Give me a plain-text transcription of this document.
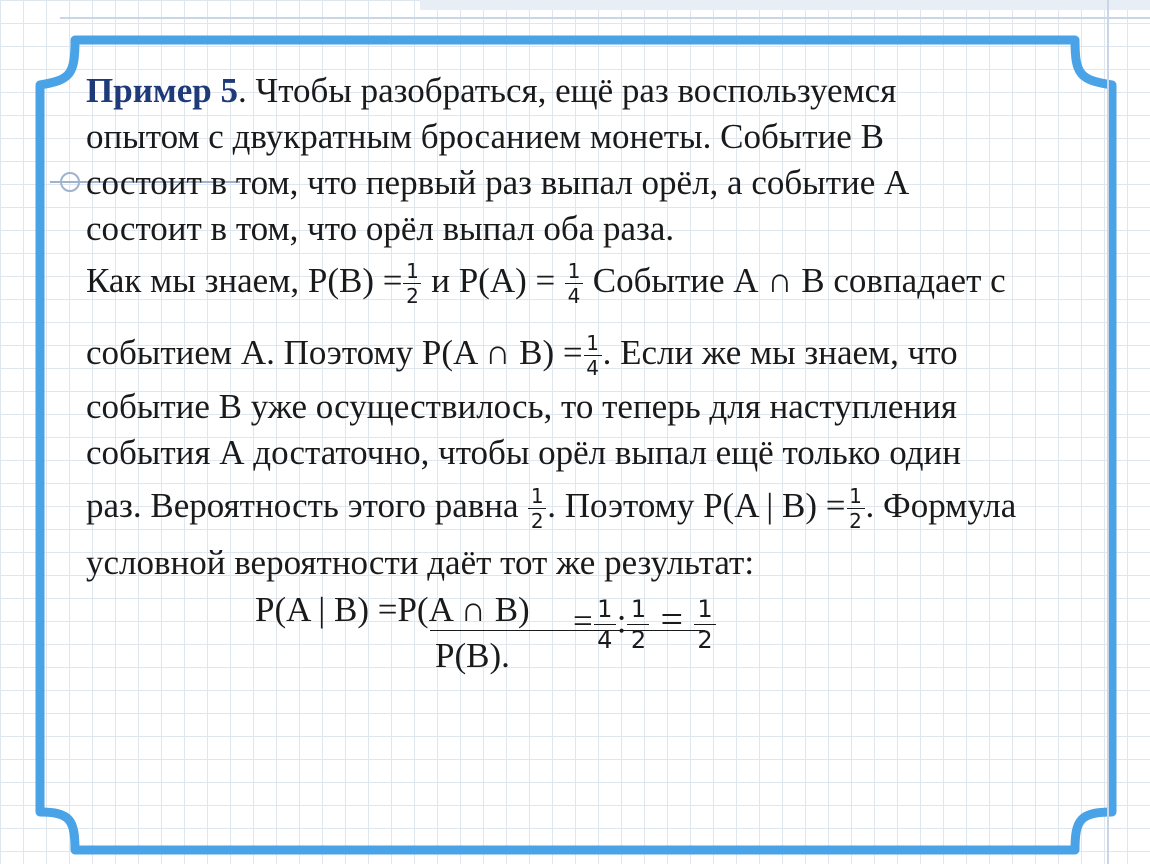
Пример 5. Чтобы разобраться, ещё раз воспользуемся
опытом с двукратным бросанием монеты. Событие В
состоит в том, что первый раз выпал орёл, а событие А
состоит в том, что орёл выпал оба раза.
Как мы знаем, $P(B) = \frac{1}{2}$ и $P(A) = \frac{1}{4}$ Событие А ∩ В совпадает с
событием А. Поэтому P(A ∩ $B) = \frac{1}{4}$ . Если же мы знаем, что
событие В уже осуществилось, то теперь для наступления
события А достаточно, чтобы орёл выпал ещё только один
раз. Вероятность этого равна $\frac{1}{2}$ . Поэтому P(A | $B) = \frac{1}{2}$ . Формула
условной вероятности даёт тот же результат:
P(A | B) =P(A ∩ B)
P(B).
= $\frac{1}{4}$ : $\frac{1}{2} = \frac{1}{2}$
